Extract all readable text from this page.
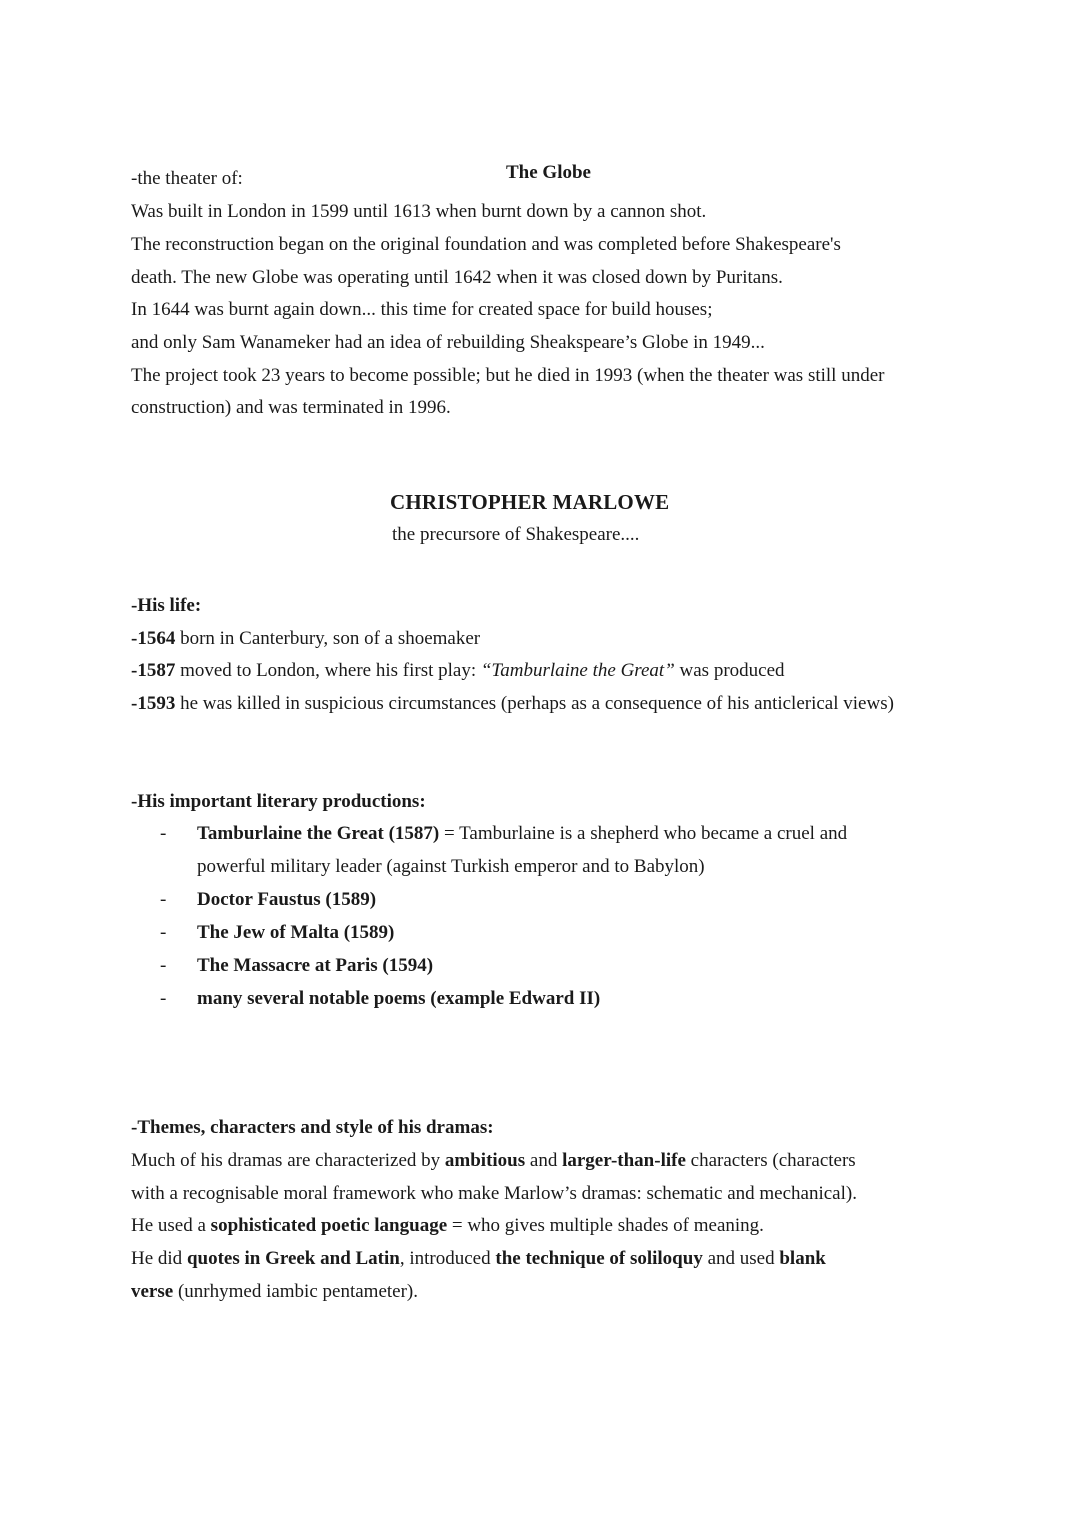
-the theater of:	The Globe

Was built in London in 1599 until 1613 when burnt down by a cannon shot.

The reconstruction began on the original foundation and was completed before Shakespeare's

death. The new Globe was operating until 1642 when it was closed down by Puritans.

In 1644 was burnt again down... this time for created space for build houses;

and only Sam Wanameker had an idea of rebuilding Sheakspeare’s Globe in 1949...

The project took 23 years to become possible; but he died in 1993 (when the theater was still under

construction) and was terminated in 1996.

CHRISTOPHER MARLOWE

the precursore of Shakespeare....

-His life:

-1564 born in Canterbury, son of a shoemaker

-1587 moved to London, where his first play: “Tamburlaine the Great” was produced

-1593 he was killed in suspicious circumstances (perhaps as a consequence of his anticlerical views)

-His important literary productions:

- Tamburlaine the Great (1587) = Tamburlaine is a shepherd who became a cruel and
powerful military leader (against Turkish emperor and to Babylon)
- Doctor Faustus (1589)
- The Jew of Malta (1589)
- The Massacre at Paris (1594)
- many several notable poems (example Edward II)

-Themes, characters and style of his dramas:

Much of his dramas are characterized by ambitious and larger-than-life characters (characters

with a recognisable moral framework who make Marlow’s dramas: schematic and mechanical).

He used a sophisticated poetic language = who gives multiple shades of meaning.

He did quotes in Greek and Latin, introduced the technique of soliloquy and used blank

verse (unrhymed iambic pentameter).
